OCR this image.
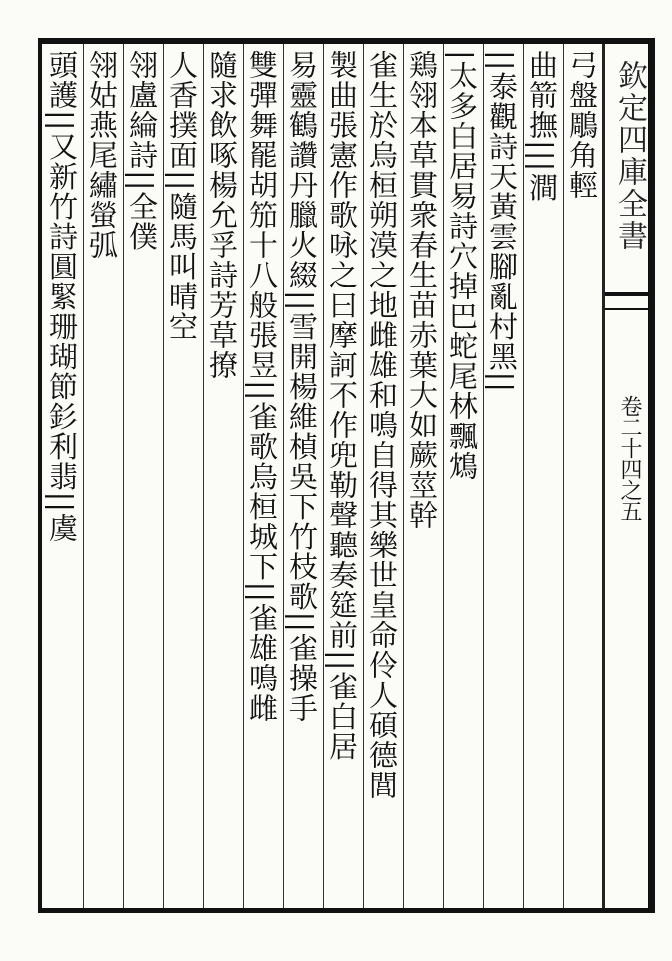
欽定四庫全書
卷二十四之五
弓盤鵰角輕
曲箭撫|||澗
||泰觀詩天黃雲腳亂村黑||
|太多白居易詩穴掉巴蛇尾林飄鴆
鶏翎本草貫衆春生苗赤葉大如蕨莖幹
雀生於烏桓朔漠之地雌雄和鳴自得其樂世皇命伶人碩德閭
製曲張憲作歌咏之曰摩訶不作兜勒聲聽奏筵前||雀白居
易靈鶴讚丹臘火綴||雪開楊維楨吳下竹枝歌||雀操手
雙彈舞罷胡笳十八般張昱||雀歌烏桓城下||雀雄鳴雌
隨求飲啄楊允孚詩芳草撩
人香撲面||隨馬叫晴空
翎盧綸詩||全僕
翎姑燕尾繡螢弧
頭護||又新竹詩圓緊珊瑚節釤利翡||虞
